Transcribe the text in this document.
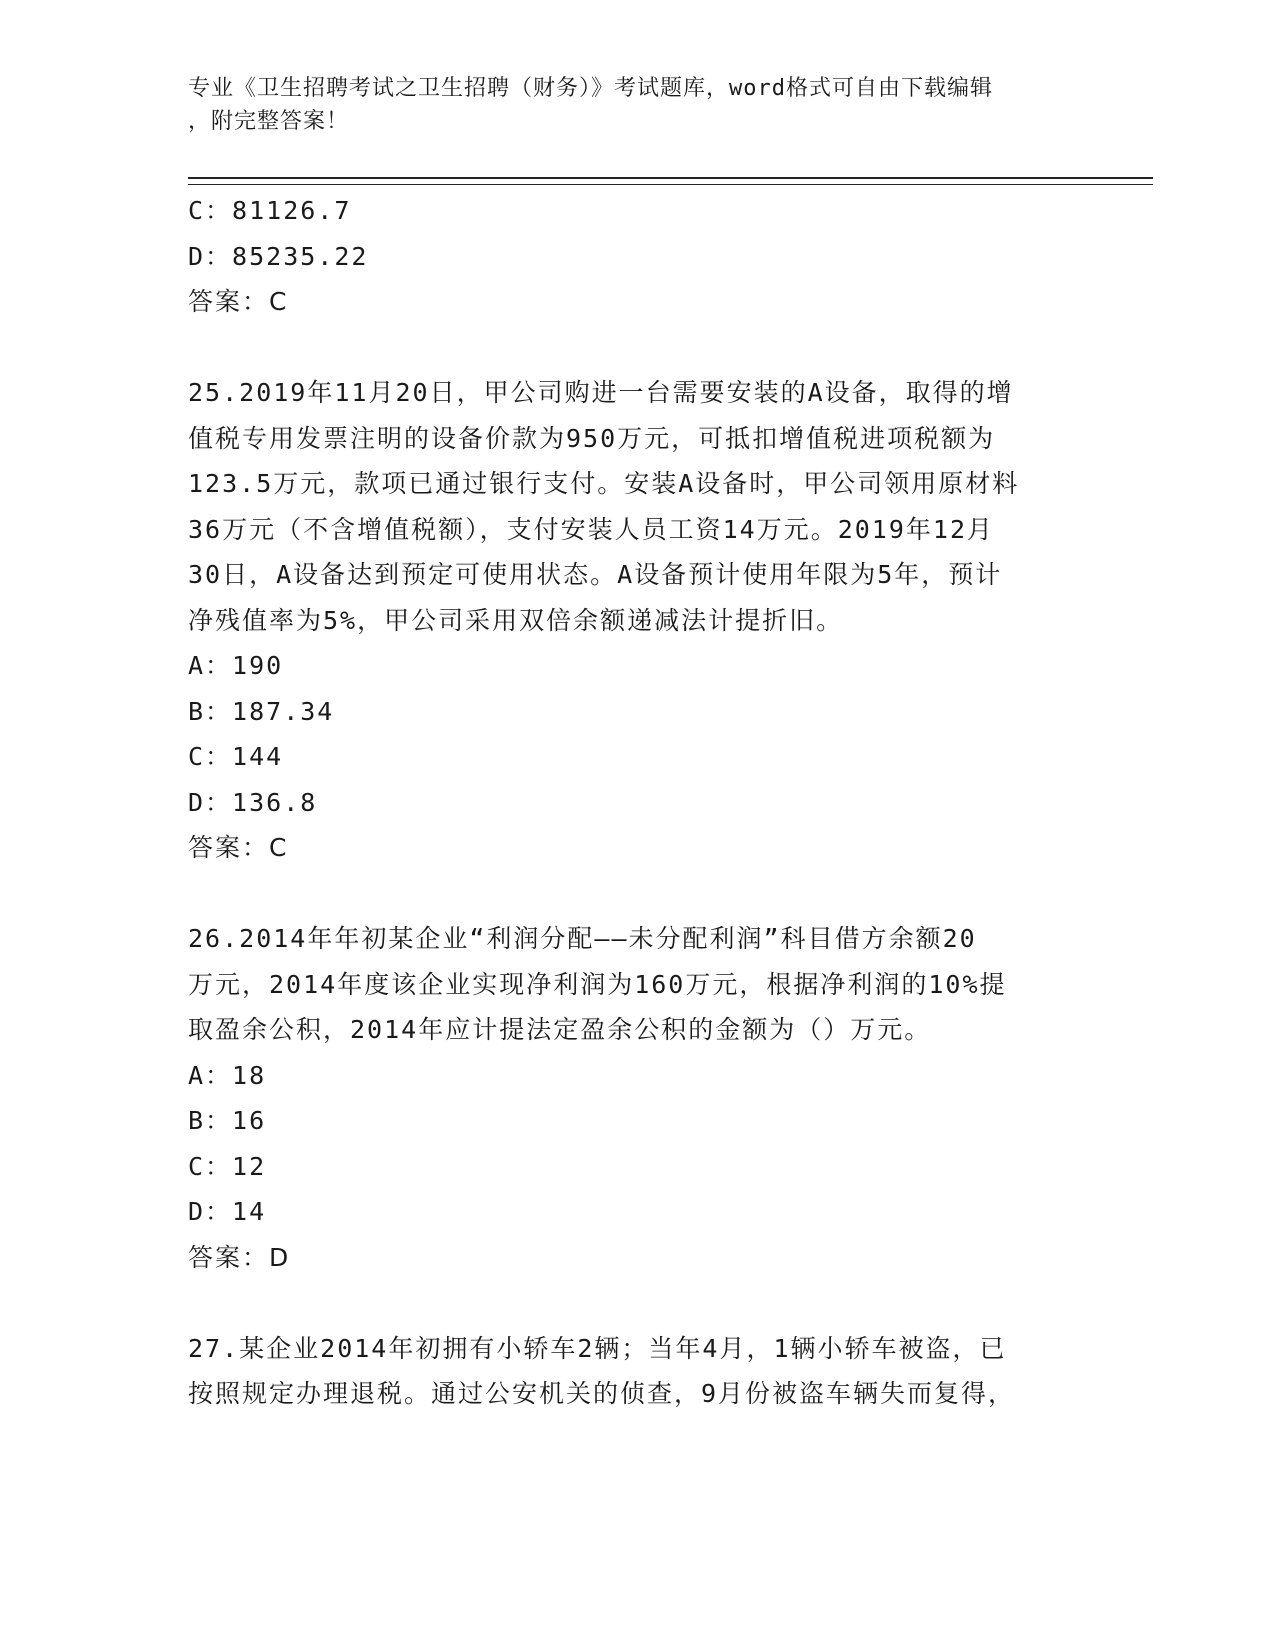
专业《卫生招聘考试之卫生招聘（财务）》考试题库，word格式可自由下载编辑
，附完整答案！
C：81126.7
D：85235.22
答案：C
25.2019年11月20日，甲公司购进一台需要安装的A设备，取得的增
值税专用发票注明的设备价款为950万元，可抵扣增值税进项税额为
123.5万元，款项已通过银行支付。安装A设备时，甲公司领用原材料
36万元（不含增值税额），支付安装人员工资14万元。2019年12月
30日，A设备达到预定可使用状态。A设备预计使用年限为5年，预计
净残值率为5%，甲公司采用双倍余额递减法计提折旧。
A：190
B：187.34
C：144
D：136.8
答案：C
26.2014年年初某企业“利润分配——未分配利润”科目借方余额20
万元，2014年度该企业实现净利润为160万元，根据净利润的10%提
取盈余公积，2014年应计提法定盈余公积的金额为（）万元。
A：18
B：16
C：12
D：14
答案：D
27.某企业2014年初拥有小轿车2辆；当年4月，1辆小轿车被盗，已
按照规定办理退税。通过公安机关的侦查，9月份被盗车辆失而复得，
